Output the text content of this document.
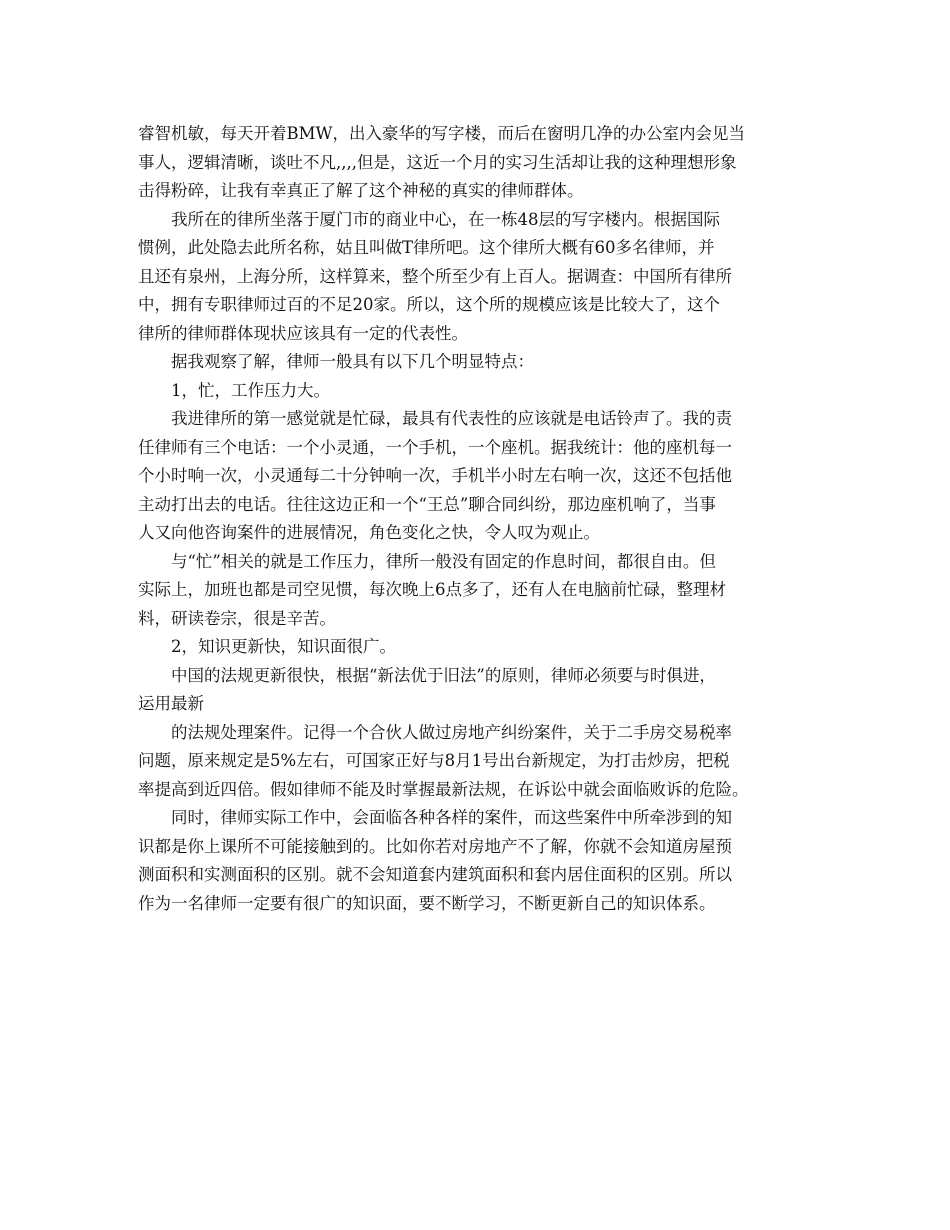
睿智机敏，每天开着BMW，出入豪华的写字楼，而后在窗明几净的办公室内会见当
事人，逻辑清晰，谈吐不凡,,,,但是，这近一个月的实习生活却让我的这种理想形象
击得粉碎，让我有幸真正了解了这个神秘的真实的律师群体。

我所在的律所坐落于厦门市的商业中心，在一栋48层的写字楼内。根据国际
惯例，此处隐去此所名称，姑且叫做T律所吧。这个律所大概有60多名律师，并
且还有泉州，上海分所，这样算来，整个所至少有上百人。据调查：中国所有律所
中，拥有专职律师过百的不足20家。所以，这个所的规模应该是比较大了，这个
律所的律师群体现状应该具有一定的代表性。

据我观察了解，律师一般具有以下几个明显特点：

1，忙，工作压力大。

我进律所的第一感觉就是忙碌，最具有代表性的应该就是电话铃声了。我的责
任律师有三个电话：一个小灵通，一个手机，一个座机。据我统计：他的座机每一
个小时响一次，小灵通每二十分钟响一次，手机半小时左右响一次，这还不包括他
主动打出去的电话。往往这边正和一个“王总”聊合同纠纷，那边座机响了，当事
人又向他咨询案件的进展情况，角色变化之快，令人叹为观止。

与“忙”相关的就是工作压力，律所一般没有固定的作息时间，都很自由。但
实际上，加班也都是司空见惯，每次晚上6点多了，还有人在电脑前忙碌，整理材
料，研读卷宗，很是辛苦。

2，知识更新快，知识面很广。

中国的法规更新很快，根据“新法优于旧法”的原则，律师必须要与时俱进，
运用最新

的法规处理案件。记得一个合伙人做过房地产纠纷案件，关于二手房交易税率
问题，原来规定是5%左右，可国家正好与8月1号出台新规定，为打击炒房，把税
率提高到近四倍。假如律师不能及时掌握最新法规，在诉讼中就会面临败诉的危险。

同时，律师实际工作中，会面临各种各样的案件，而这些案件中所牵涉到的知
识都是你上课所不可能接触到的。比如你若对房地产不了解，你就不会知道房屋预
测面积和实测面积的区别。就不会知道套内建筑面积和套内居住面积的区别。所以
作为一名律师一定要有很广的知识面，要不断学习，不断更新自己的知识体系。
